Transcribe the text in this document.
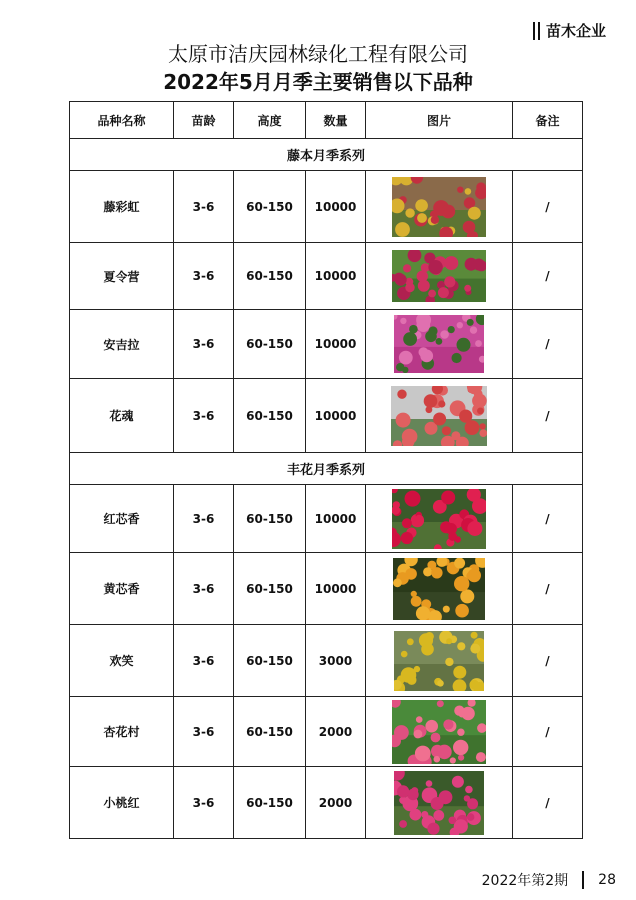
苗木企业
太原市洁庆园林绿化工程有限公司
2022年5月月季主要销售以下品种
品种名称	苗龄	高度	数量	图片	备注
藤本月季系列					
藤彩虹	3-6	60-150	10000		/
夏令营	3-6	60-150	10000		/
安吉拉	3-6	60-150	10000		/
花魂	3-6	60-150	10000		/
丰花月季系列					
红芯香	3-6	60-150	10000		/
黄芯香	3-6	60-150	10000		/
欢笑	3-6	60-150	3000		/
杏花村	3-6	60-150	2000		/
小桃红	3-6	60-150	2000		/
2022年第2期 28
